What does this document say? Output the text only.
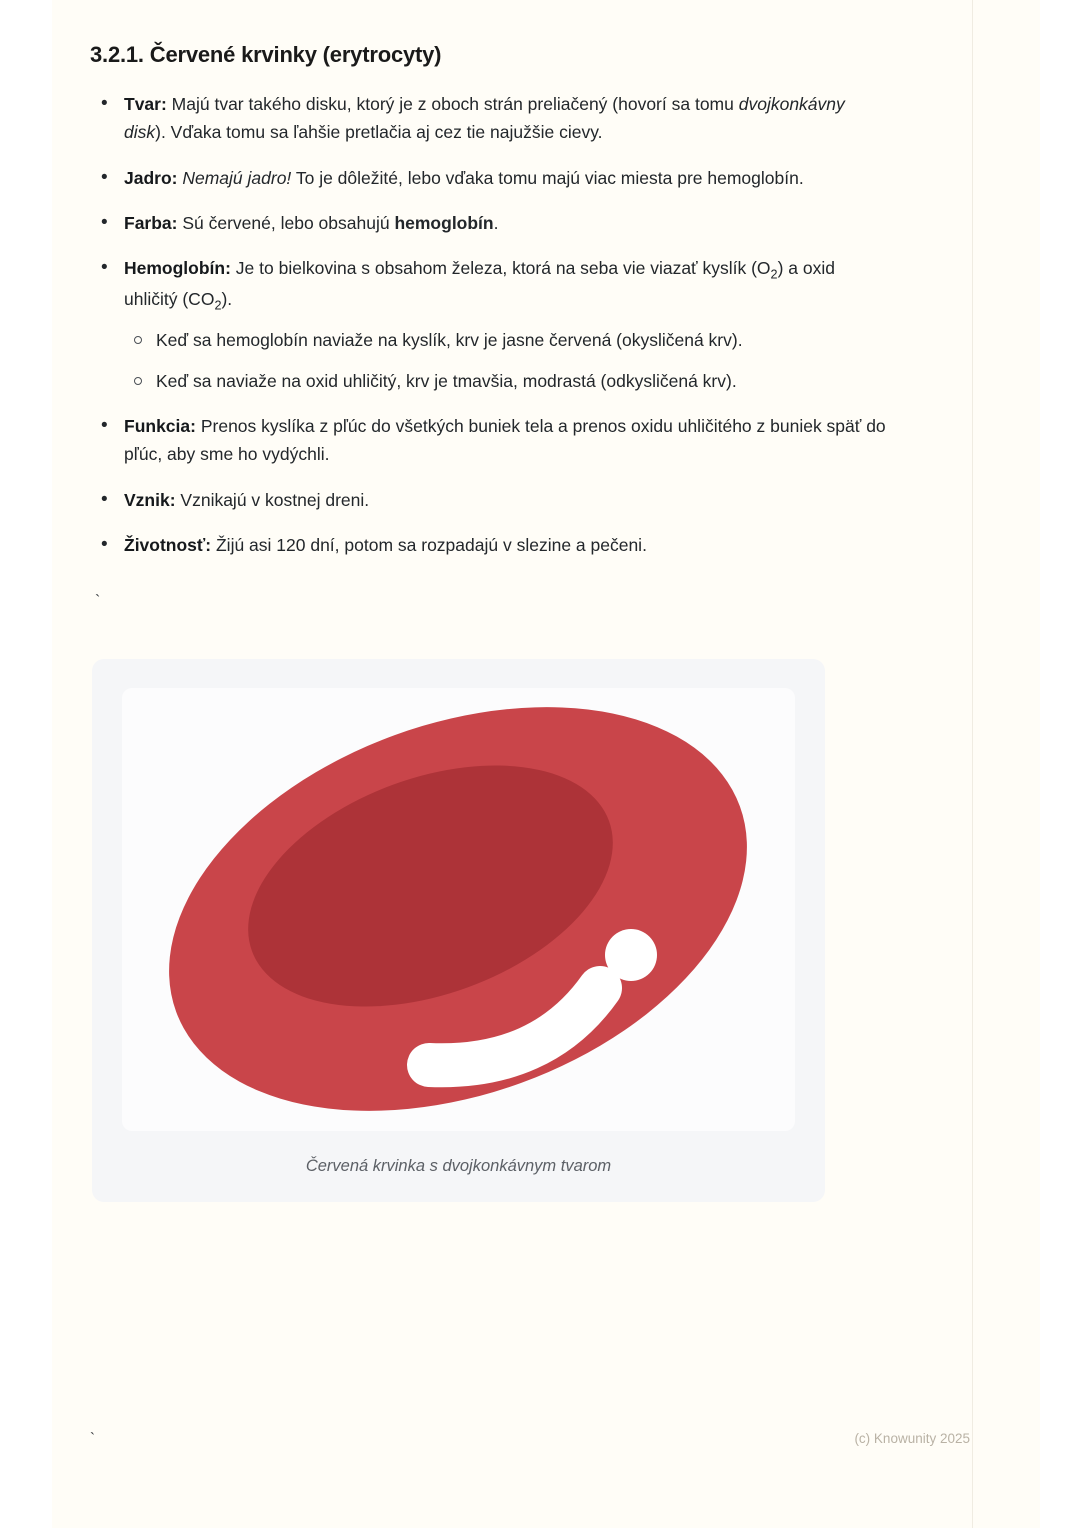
3.2.1. Červené krvinky (erytrocyty)
• Tvar: Majú tvar takého disku, ktorý je z oboch strán preliačený (hovorí sa tomu dvojkonkávny disk). Vďaka tomu sa ľahšie pretlačia aj cez tie najužšie cievy.
• Jadro: Nemajú jadro! To je dôležité, lebo vďaka tomu majú viac miesta pre hemoglobín.
• Farba: Sú červené, lebo obsahujú hemoglobín.
• Hemoglobín: Je to bielkovina s obsahom železa, ktorá na seba vie viazať kyslík $(O_2)$ a oxid uhličitý $(CO_2)$.
Keď sa hemoglobín naviaže na kyslík, krv je jasne červená (okysličená krv).
Keď sa naviaže na oxid uhličitý, krv je tmavšia, modrastá (odkysličená krv).
• Funkcia: Prenos kyslíka z pľúc do všetkých buniek tela a prenos oxidu uhličitého z buniek späť do pľúc, aby sme ho vydýchli.
• Vznik: Vznikajú v kostnej dreni.
• Životnosť: Žijú asi 120 dní, potom sa rozpadajú v slezine a pečeni.
`
Červená krvinka s dvojkonkávnym tvarom
`	(c) Knowunity 2025
